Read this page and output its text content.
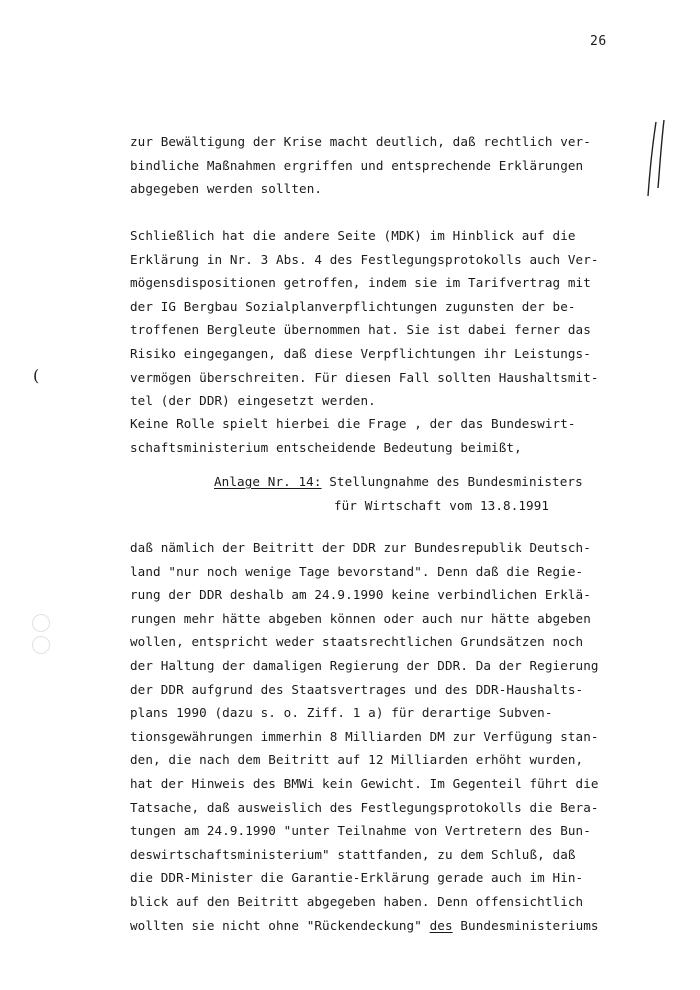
26
(
zur Bewältigung der Krise macht deutlich, daß rechtlich ver-
bindliche Maßnahmen ergriffen und entsprechende Erklärungen
abgegeben werden sollten.
Schließlich hat die andere Seite (MDK) im Hinblick auf die
Erklärung in Nr. 3 Abs. 4 des Festlegungsprotokolls auch Ver-
mögensdispositionen getroffen, indem sie im Tarifvertrag mit
der IG Bergbau Sozialplanverpflichtungen zugunsten der be-
troffenen Bergleute übernommen hat. Sie ist dabei ferner das
Risiko eingegangen, daß diese Verpflichtungen ihr Leistungs-
vermögen überschreiten. Für diesen Fall sollten Haushaltsmit-
tel (der DDR) eingesetzt werden.
Keine Rolle spielt hierbei die Frage , der das Bundeswirt-
schaftsministerium entscheidende Bedeutung beimißt,
Anlage Nr. 14: Stellungnahme des Bundesministers
für Wirtschaft vom 13.8.1991
daß nämlich der Beitritt der DDR zur Bundesrepublik Deutsch-
land "nur noch wenige Tage bevorstand". Denn daß die Regie-
rung der DDR deshalb am 24.9.1990 keine verbindlichen Erklä-
rungen mehr hätte abgeben können oder auch nur hätte abgeben
wollen, entspricht weder staatsrechtlichen Grundsätzen noch
der Haltung der damaligen Regierung der DDR. Da der Regierung
der DDR aufgrund des Staatsvertrages und des DDR-Haushalts-
plans 1990 (dazu s. o. Ziff. 1 a) für derartige Subven-
tionsgewährungen immerhin 8 Milliarden DM zur Verfügung stan-
den, die nach dem Beitritt auf 12 Milliarden erhöht wurden,
hat der Hinweis des BMWi kein Gewicht. Im Gegenteil führt die
Tatsache, daß ausweislich des Festlegungsprotokolls die Bera-
tungen am 24.9.1990 "unter Teilnahme von Vertretern des Bun-
deswirtschaftsministerium" stattfanden, zu dem Schluß, daß
die DDR-Minister die Garantie-Erklärung gerade auch im Hin-
blick auf den Beitritt abgegeben haben. Denn offensichtlich
wollten sie nicht ohne "Rückendeckung" des Bundesministeriums
